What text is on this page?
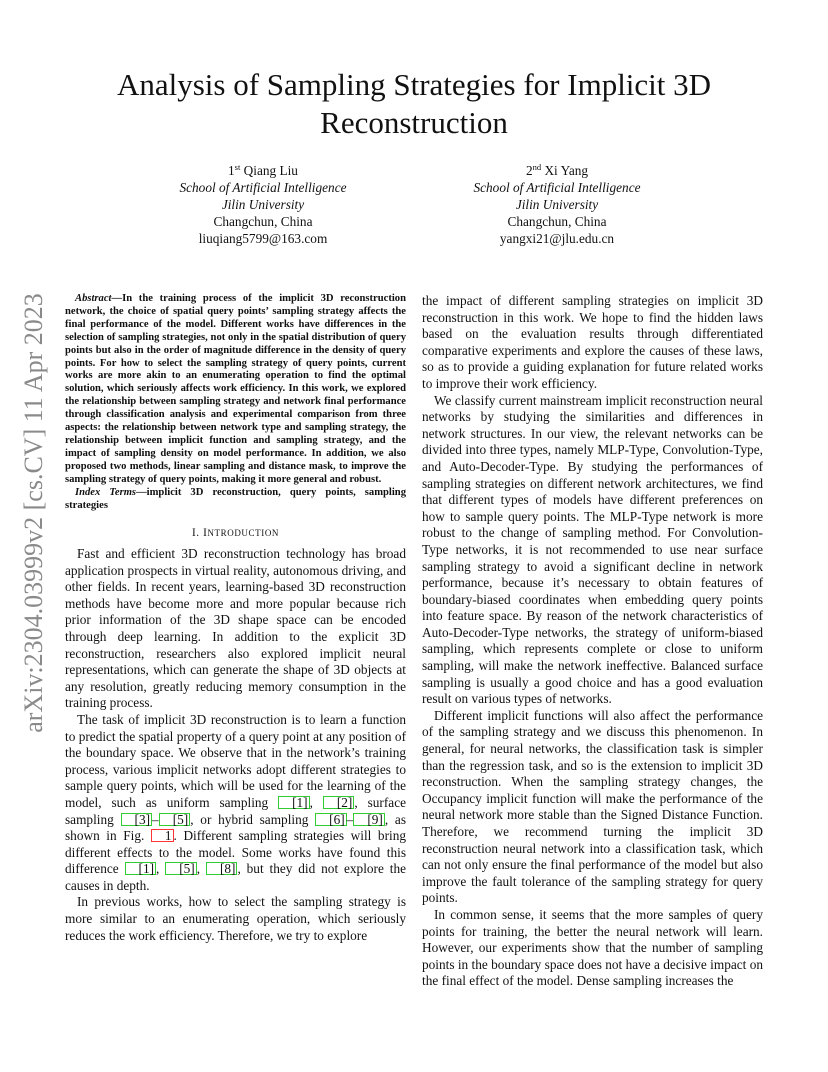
Analysis of Sampling Strategies for Implicit 3D Reconstruction
1st Qiang Liu
School of Artificial Intelligence
Jilin University
Changchun, China
liuqiang5799@163.com
2nd Xi Yang
School of Artificial Intelligence
Jilin University
Changchun, China
yangxi21@jlu.edu.cn
arXiv:2304.03999v2 [cs.CV] 11 Apr 2023	Abstract—In the training process of the implicit 3D reconstruction network, the choice of spatial query points’ sampling strategy affects the final performance of the model. Different works have differences in the selection of sampling strategies, not only in the spatial distribution of query points but also in the order of magnitude difference in the density of query points. For how to select the sampling strategy of query points, current works are more akin to an enumerating operation to find the optimal solution, which seriously affects work efficiency. In this work, we explored the relationship between sampling strategy and network final performance through classification analysis and experimental comparison from three aspects: the relationship between network type and sampling strategy, the relationship between implicit function and sampling strategy, and the impact of sampling density on model performance. In addition, we also proposed two methods, linear sampling and distance mask, to improve the sampling strategy of query points, making it more general and robust.

Index Terms—implicit 3D reconstruction, query points, sampling strategies

I. INTRODUCTION

Fast and efficient 3D reconstruction technology has broad application prospects in virtual reality, autonomous driving, and other fields. In recent years, learning-based 3D reconstruction methods have become more and more popular because rich prior information of the 3D shape space can be encoded through deep learning. In addition to the explicit 3D reconstruction, researchers also explored implicit neural representations, which can generate the shape of 3D objects at any resolution, greatly reducing memory consumption in the training process.

The task of implicit 3D reconstruction is to learn a function to predict the spatial property of a query point at any position of the boundary space. We observe that in the network’s training process, various implicit networks adopt different strategies to sample query points, which will be used for the learning of the model, such as uniform sampling [1] , [2] , surface sampling [3] – [5] , or hybrid sampling [6] – [9] , as shown in Fig. 1 . Different sampling strategies will bring different effects to the model. Some works have found this difference [1] , [5] , [8] , but they did not explore the causes in depth.

In previous works, how to select the sampling strategy is more similar to an enumerating operation, which seriously reduces the work efficiency. Therefore, we try to explore

the impact of different sampling strategies on implicit 3D reconstruction in this work. We hope to find the hidden laws based on the evaluation results through differentiated comparative experiments and explore the causes of these laws, so as to provide a guiding explanation for future related works to improve their work efficiency.

We classify current mainstream implicit reconstruction neural networks by studying the similarities and differences in network structures. In our view, the relevant networks can be divided into three types, namely MLP-Type, Convolution-Type, and Auto-Decoder-Type. By studying the performances of sampling strategies on different network architectures, we find that different types of models have different preferences on how to sample query points. The MLP-Type network is more robust to the change of sampling method. For Convolution-Type networks, it is not recommended to use near surface sampling strategy to avoid a significant decline in network performance, because it’s necessary to obtain features of boundary-biased coordinates when embedding query points into feature space. By reason of the network characteristics of Auto-Decoder-Type networks, the strategy of uniform-biased sampling, which represents complete or close to uniform sampling, will make the network ineffective. Balanced surface sampling is usually a good choice and has a good evaluation result on various types of networks.

Different implicit functions will also affect the performance of the sampling strategy and we discuss this phenomenon. In general, for neural networks, the classification task is simpler than the regression task, and so is the extension to implicit 3D reconstruction. When the sampling strategy changes, the Occupancy implicit function will make the performance of the neural network more stable than the Signed Distance Function. Therefore, we recommend turning the implicit 3D reconstruction neural network into a classification task, which can not only ensure the final performance of the model but also improve the fault tolerance of the sampling strategy for query points.

In common sense, it seems that the more samples of query points for training, the better the neural network will learn. However, our experiments show that the number of sampling points in the boundary space does not have a decisive impact on the final effect of the model. Dense sampling increases the
